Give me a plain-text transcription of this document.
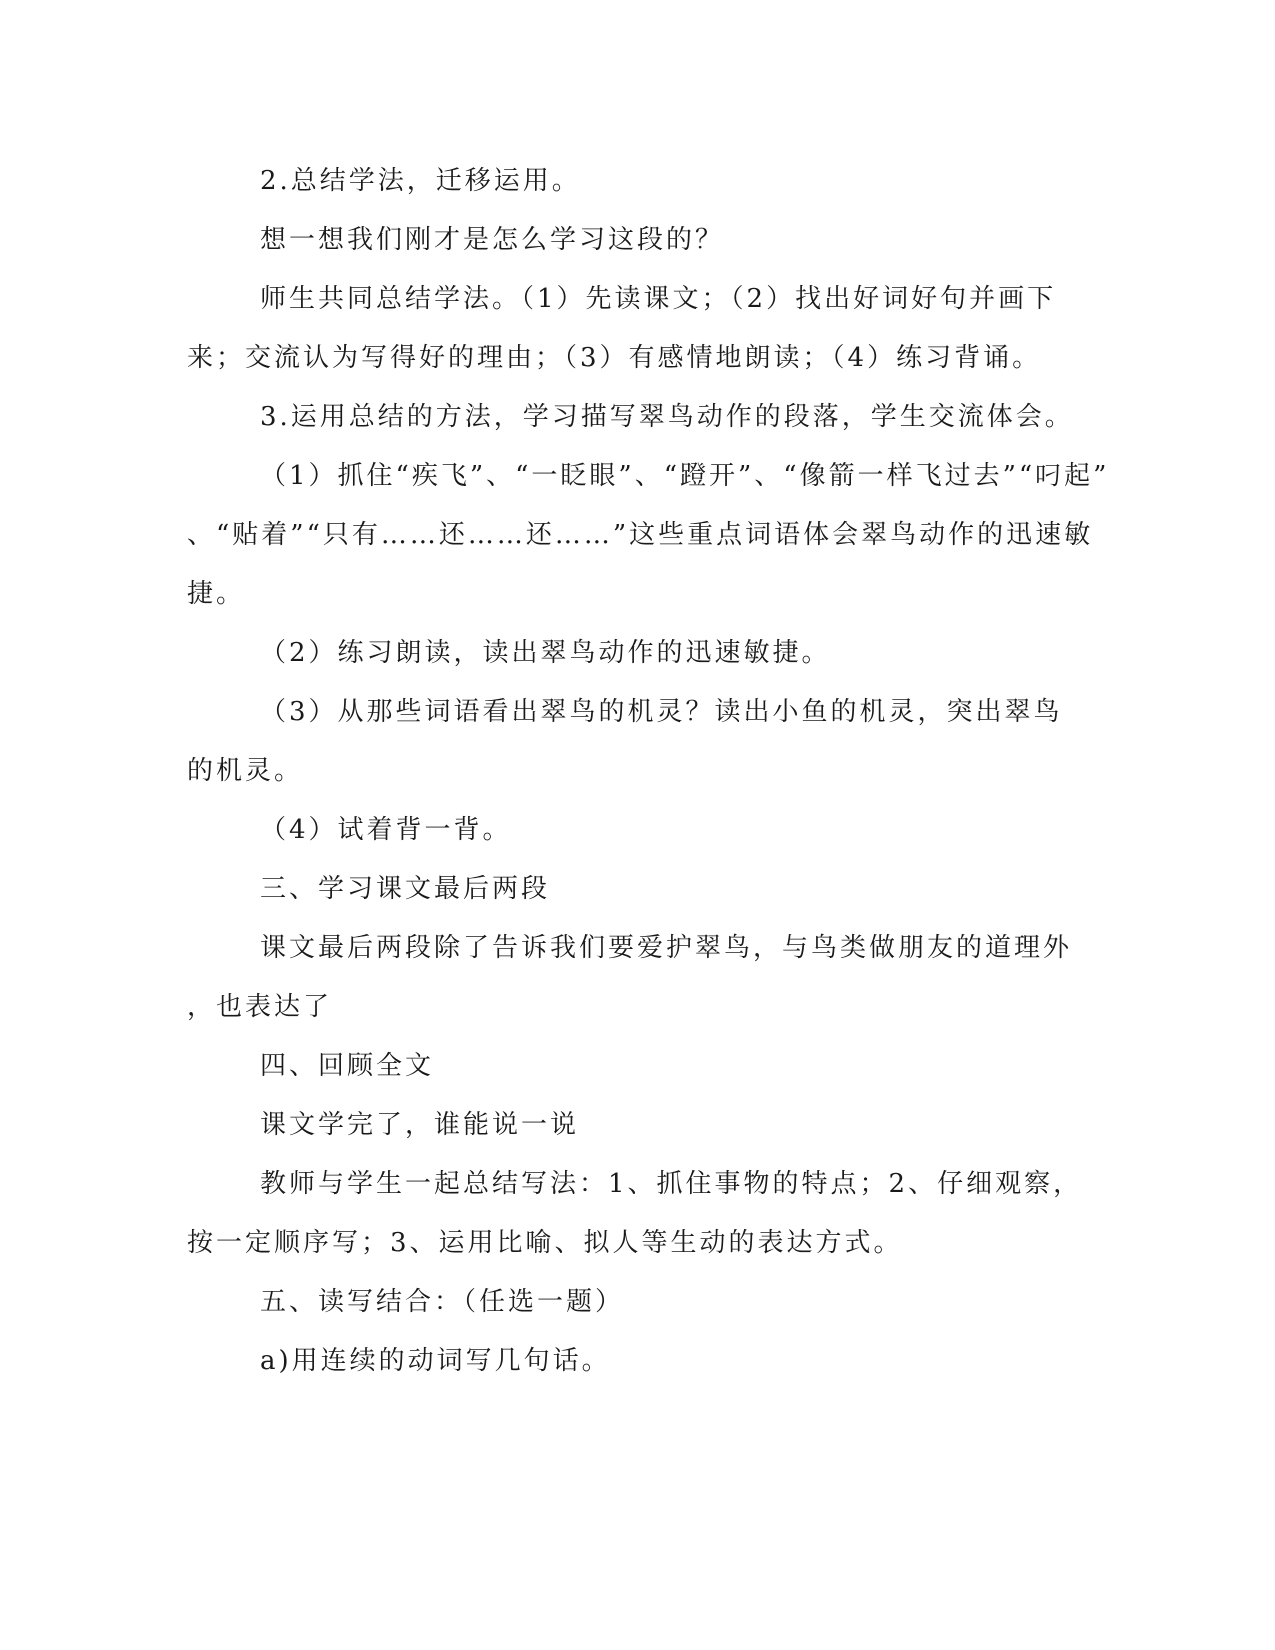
2.总结学法，迁移运用。
想一想我们刚才是怎么学习这段的？
师生共同总结学法。（1）先读课文；（2）找出好词好句并画下
来；交流认为写得好的理由；（3）有感情地朗读；（4）练习背诵。
3.运用总结的方法，学习描写翠鸟动作的段落，学生交流体会。
（1）抓住“疾飞”、“一眨眼”、“蹬开”、“像箭一样飞过去”“叼起”
、“贴着”“只有……还……还……”这些重点词语体会翠鸟动作的迅速敏
捷。
（2）练习朗读，读出翠鸟动作的迅速敏捷。
（3）从那些词语看出翠鸟的机灵？读出小鱼的机灵，突出翠鸟
的机灵。
（4）试着背一背。
三、学习课文最后两段
课文最后两段除了告诉我们要爱护翠鸟，与鸟类做朋友的道理外
，也表达了
四、回顾全文
课文学完了，谁能说一说
教师与学生一起总结写法：1、抓住事物的特点；2、仔细观察，
按一定顺序写；3、运用比喻、拟人等生动的表达方式。
五、读写结合：（任选一题）
a)用连续的动词写几句话。
